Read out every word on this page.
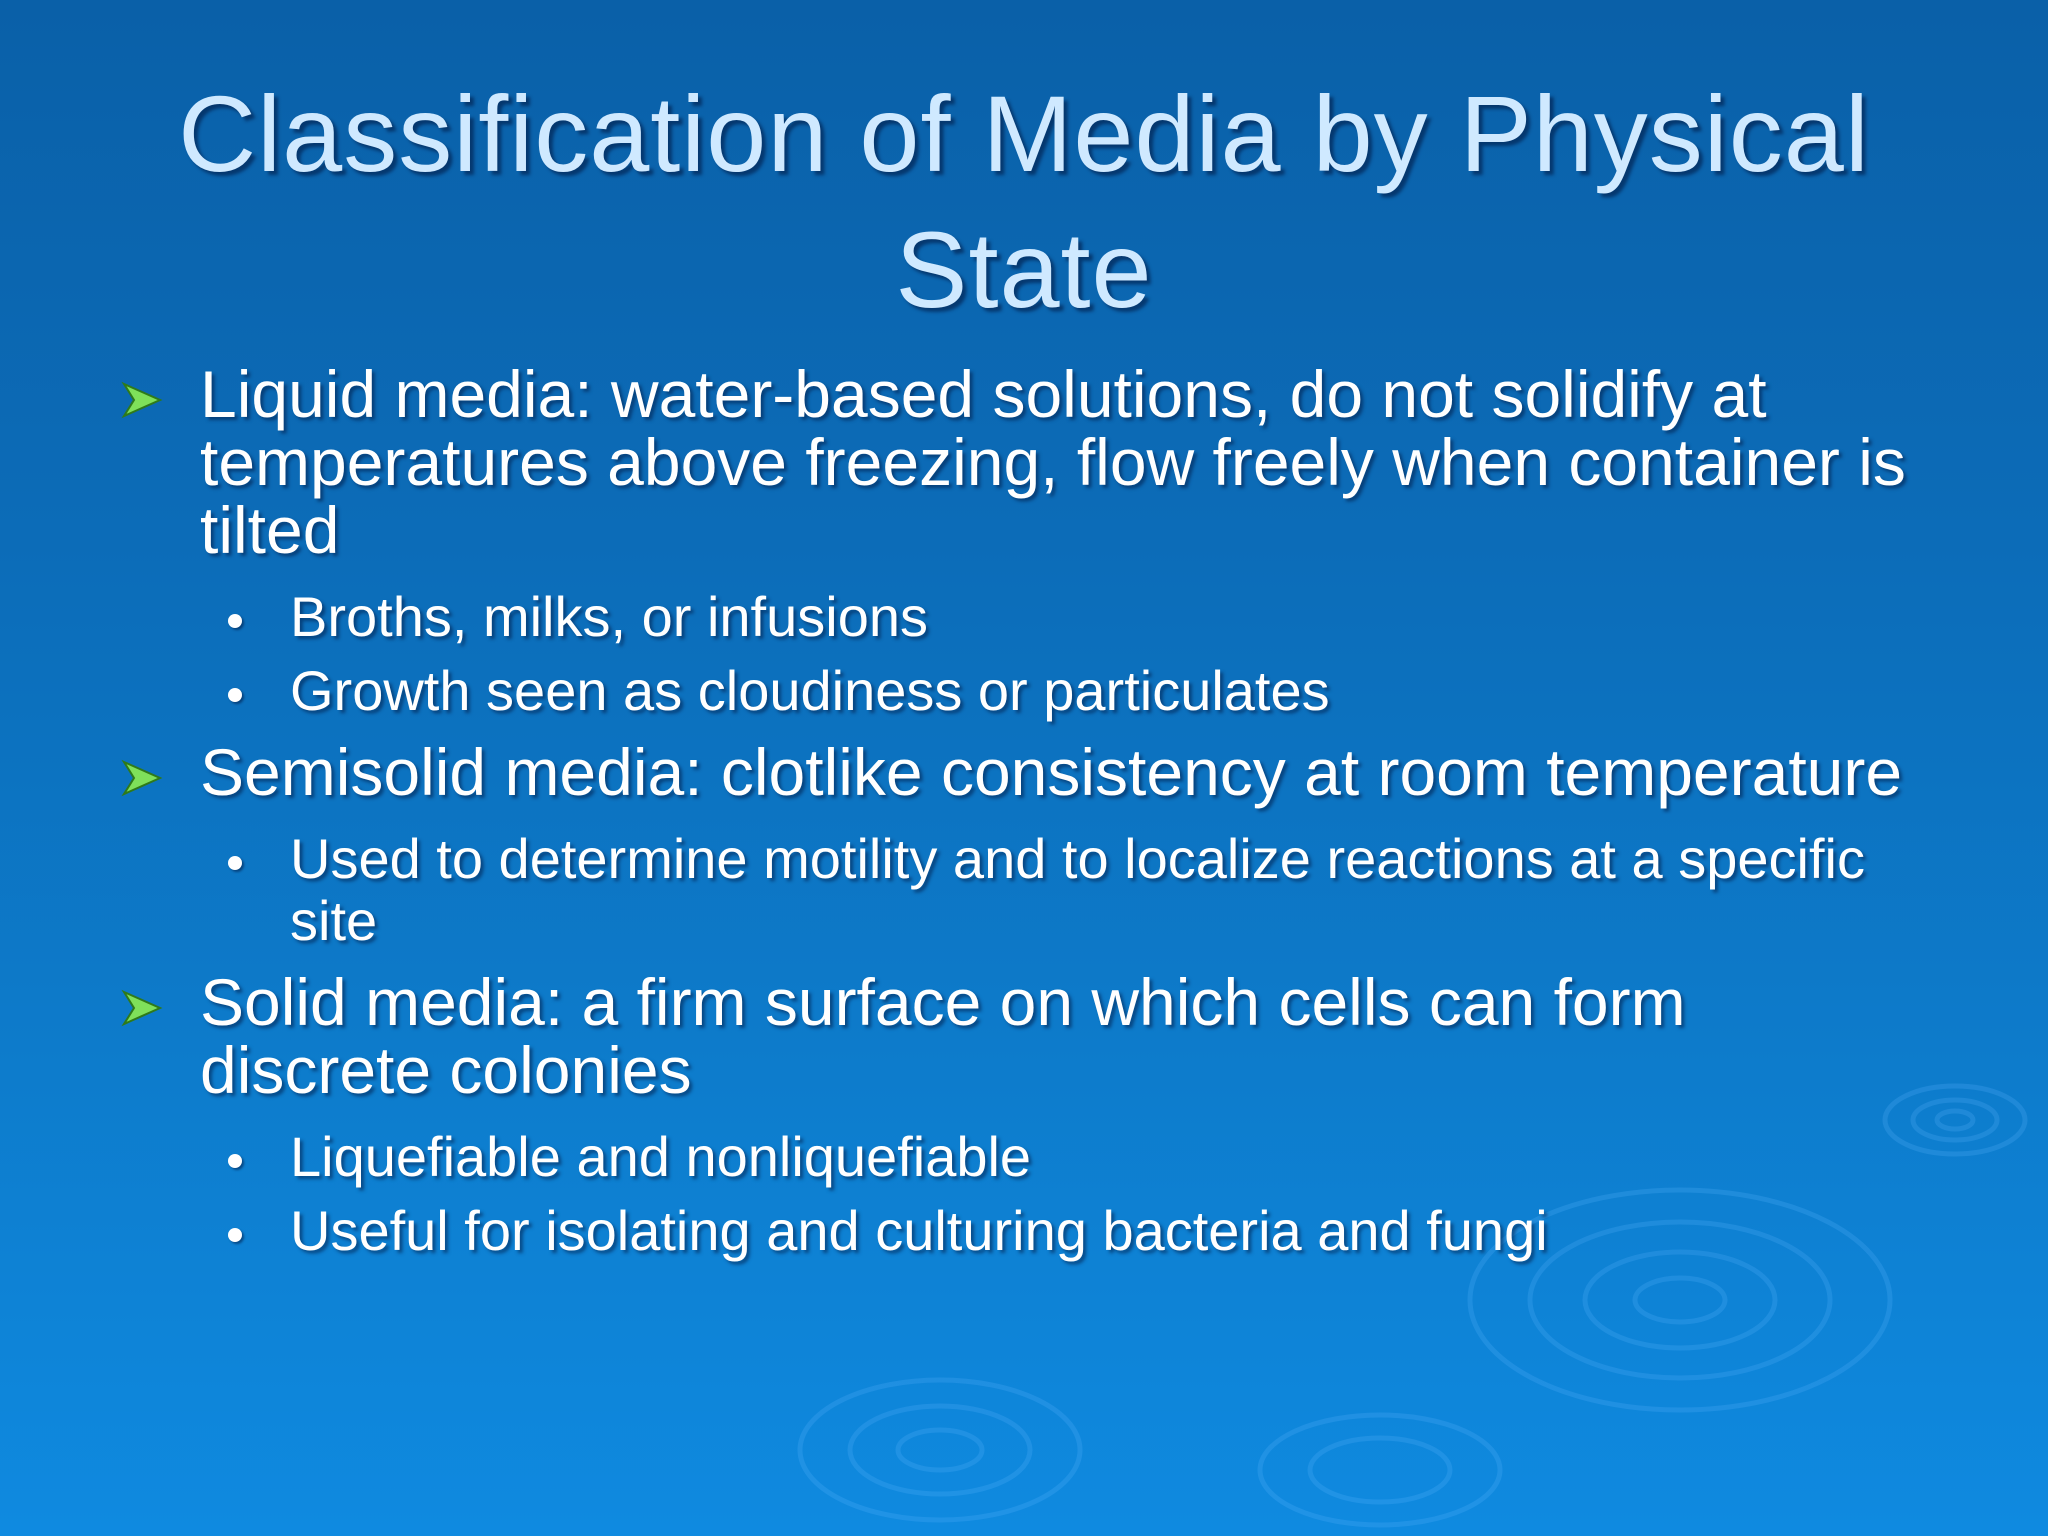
Classification of Media by Physical State
Liquid media: water-based solutions, do not solidify at temperatures above freezing, flow freely when container is tilted
Broths, milks, or infusions
Growth seen as cloudiness or particulates
Semisolid media: clotlike consistency at room temperature
Used to determine motility and to localize reactions at a specific site
Solid media: a firm surface on which cells can form discrete colonies
Liquefiable and nonliquefiable
Useful for isolating and culturing bacteria and fungi
